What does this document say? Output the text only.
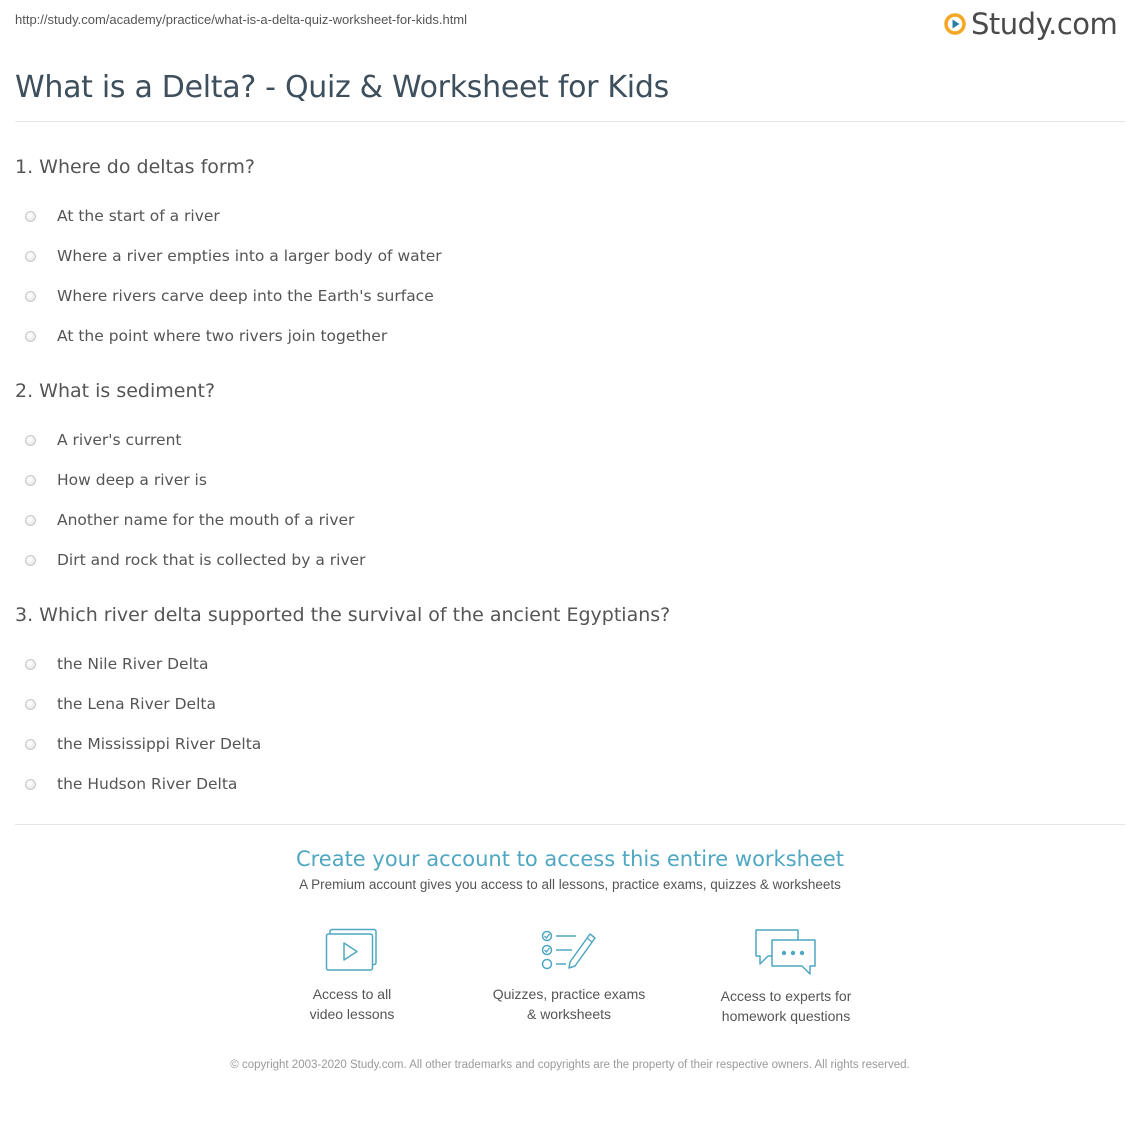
http://study.com/academy/practice/what-is-a-delta-quiz-worksheet-for-kids.html	Study.com
What is a Delta? - Quiz & Worksheet for Kids
1. Where do deltas form?
At the start of a river
Where a river empties into a larger body of water
Where rivers carve deep into the Earth's surface
At the point where two rivers join together
2. What is sediment?
A river's current
How deep a river is
Another name for the mouth of a river
Dirt and rock that is collected by a river
3. Which river delta supported the survival of the ancient Egyptians?
the Nile River Delta
the Lena River Delta
the Mississippi River Delta
the Hudson River Delta
Create your account to access this entire worksheet
A Premium account gives you access to all lessons, practice exams, quizzes & worksheets
Access to all
video lessons
Quizzes, practice exams
& worksheets
Access to experts for
homework questions
© copyright 2003-2020 Study.com. All other trademarks and copyrights are the property of their respective owners. All rights reserved.
